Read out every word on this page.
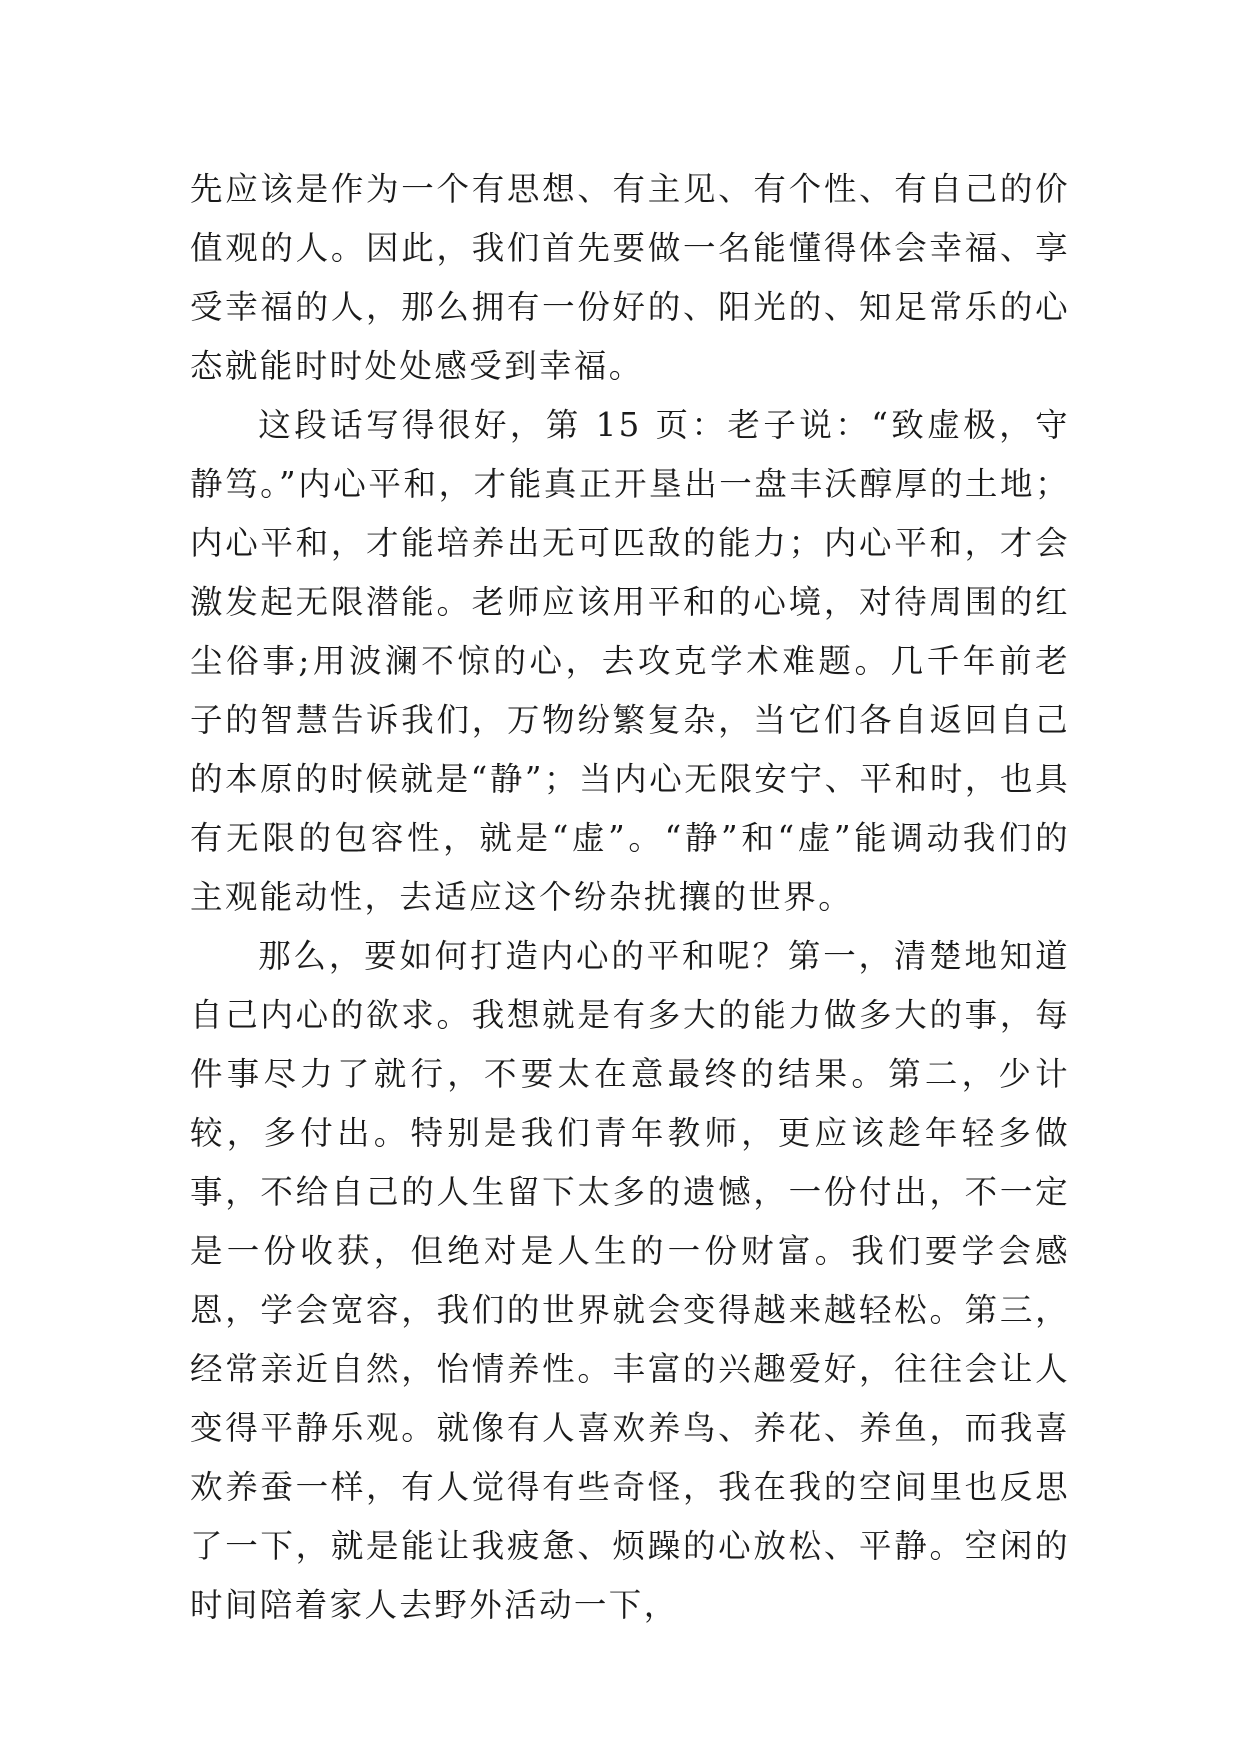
先应该是作为一个有思想、有主见、有个性、有自己的价值观的人。因此，我们首先要做一名能懂得体会幸福、享受幸福的人，那么拥有一份好的、阳光的、知足常乐的心态就能时时处处感受到幸福。

这段话写得很好，第 15 页：老子说：“致虚极，守静笃。”内心平和，才能真正开垦出一盘丰沃醇厚的土地；内心平和，才能培养出无可匹敌的能力；内心平和，才会激发起无限潜能。老师应该用平和的心境，对待周围的红尘俗事;用波澜不惊的心，去攻克学术难题。几千年前老子的智慧告诉我们，万物纷繁复杂，当它们各自返回自己的本原的时候就是“静”；当内心无限安宁、平和时，也具有无限的包容性，就是“虚”。“静”和“虚”能调动我们的主观能动性，去适应这个纷杂扰攘的世界。

那么，要如何打造内心的平和呢？第一，清楚地知道自己内心的欲求。我想就是有多大的能力做多大的事，每件事尽力了就行，不要太在意最终的结果。第二，少计较，多付出。特别是我们青年教师，更应该趁年轻多做事，不给自己的人生留下太多的遗憾，一份付出，不一定是一份收获，但绝对是人生的一份财富。我们要学会感恩，学会宽容，我们的世界就会变得越来越轻松。第三，经常亲近自然，怡情养性。丰富的兴趣爱好，往往会让人变得平静乐观。就像有人喜欢养鸟、养花、养鱼，而我喜欢养蚕一样，有人觉得有些奇怪，我在我的空间里也反思了一下，就是能让我疲惫、烦躁的心放松、平静。空闲的时间陪着家人去野外活动一下，
